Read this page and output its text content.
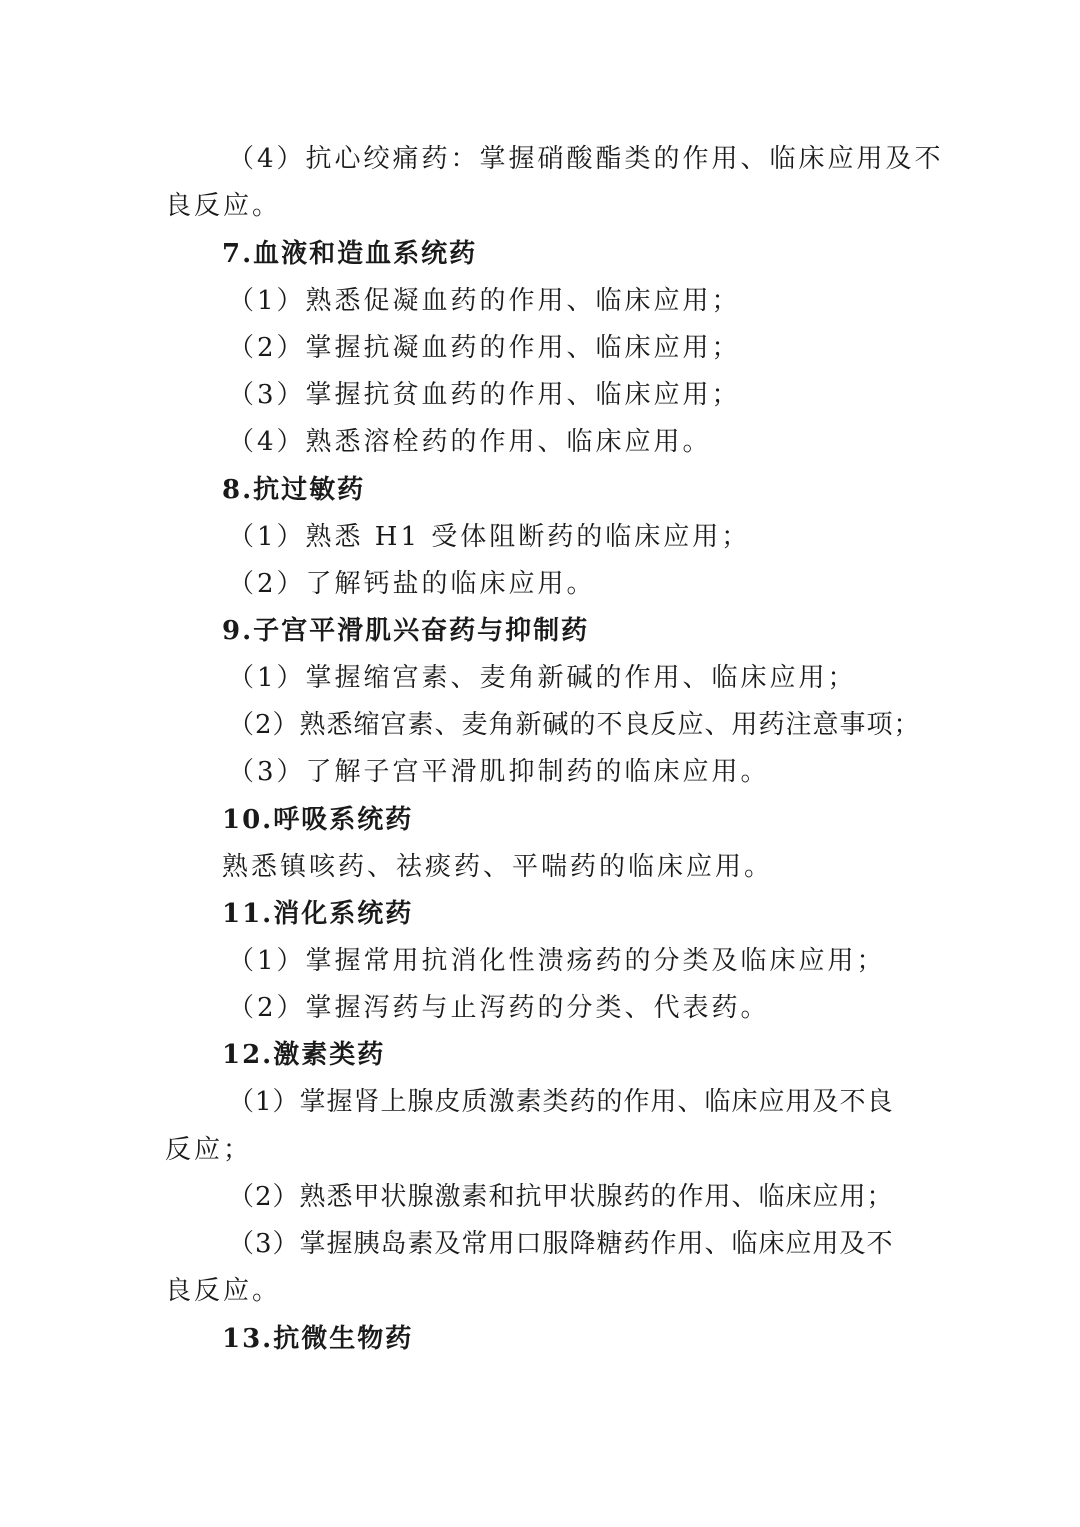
（4）抗心绞痛药：掌握硝酸酯类的作用、临床应用及不
良反应。
7.血液和造血系统药
（1）熟悉促凝血药的作用、临床应用；
（2）掌握抗凝血药的作用、临床应用；
（3）掌握抗贫血药的作用、临床应用；
（4）熟悉溶栓药的作用、临床应用。
8.抗过敏药
（1）熟悉 H1 受体阻断药的临床应用；
（2）了解钙盐的临床应用。
9.子宫平滑肌兴奋药与抑制药
（1）掌握缩宫素、麦角新碱的作用、临床应用；
（2）熟悉缩宫素、麦角新碱的不良反应、用药注意事项；
（3）了解子宫平滑肌抑制药的临床应用。
10.呼吸系统药
熟悉镇咳药、祛痰药、平喘药的临床应用。
11.消化系统药
（1）掌握常用抗消化性溃疡药的分类及临床应用；
（2）掌握泻药与止泻药的分类、代表药。
12.激素类药
（1）掌握肾上腺皮质激素类药的作用、临床应用及不良
反应；
（2）熟悉甲状腺激素和抗甲状腺药的作用、临床应用；
（3）掌握胰岛素及常用口服降糖药作用、临床应用及不
良反应。
13.抗微生物药
